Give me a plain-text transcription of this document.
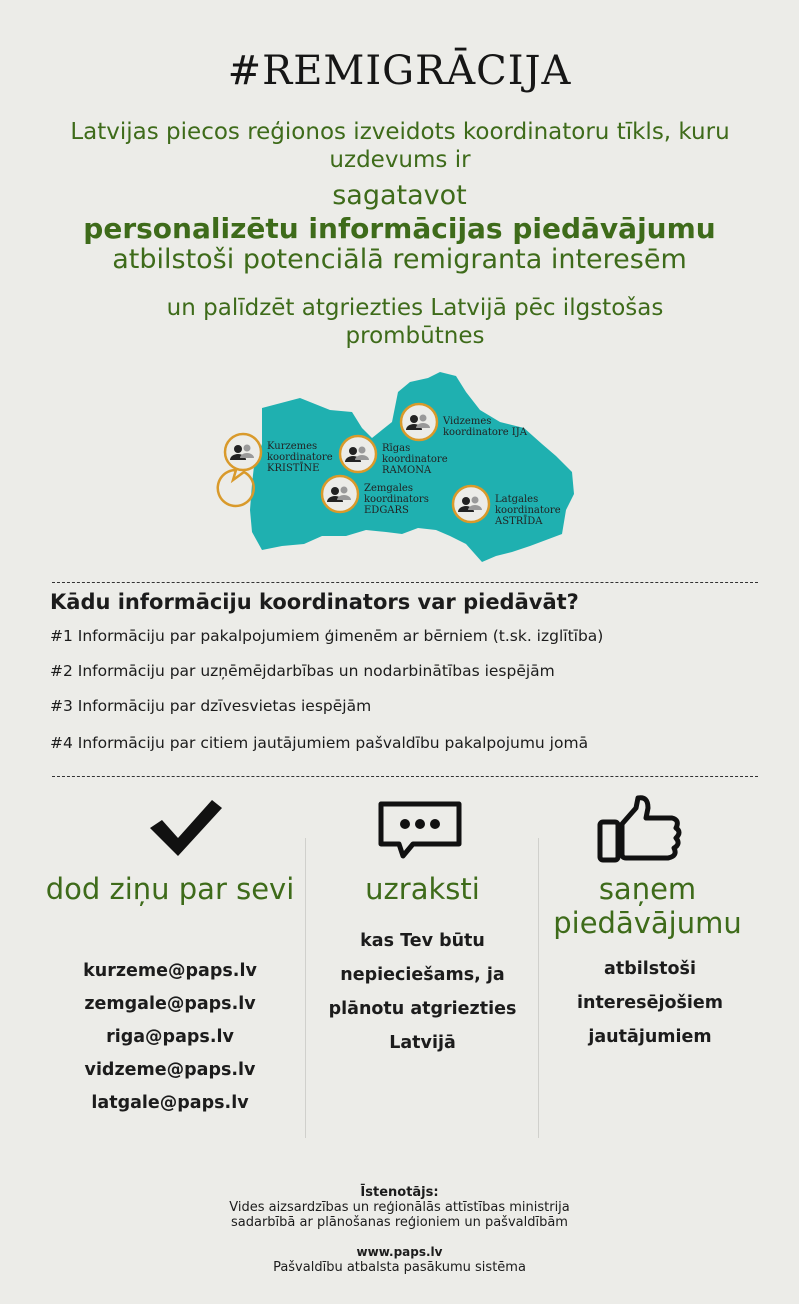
#REMIGRĀCIJA
Latvijas piecos reģionos izveidots koordinatoru tīkls, kuru uzdevums ir
sagatavot
personalizētu informācijas piedāvājumu
atbilstoši potenciālā remigranta interesēm
un palīdzēt atgriezties Latvijā pēc ilgstošas prombūtnes
Kurzemes
koordinatore
KRISTĪNE
Rīgas
koordinatore
RAMONA
Vidzemes
koordinatore IJA
Zemgales
koordinators
EDGARS
Latgales
koordinatore
ASTRĪDA
Kādu informāciju koordinators var piedāvāt?
#1 Informāciju par pakalpojumiem ģimenēm ar bērniem (t.sk. izglītība)
#2 Informāciju par uzņēmējdarbības un nodarbinātības iespējām
#3 Informāciju par dzīvesvietas iespējām
#4 Informāciju par citiem jautājumiem pašvaldību pakalpojumu jomā
dod ziņu par sevi
kurzeme@paps.lv
zemgale@paps.lv
riga@paps.lv
vidzeme@paps.lv
latgale@paps.lv
uzraksti
kas Tev būtu nepieciešams, ja plānotu atgriezties Latvijā
saņem piedāvājumu
atbilstoši interesējošiem jautājumiem
Īstenotājs:
Vides aizsardzības un reģionālās attīstības ministrija
sadarbībā ar plānošanas reģioniem un pašvaldībām
www.paps.lv
Pašvaldību atbalsta pasākumu sistēma
